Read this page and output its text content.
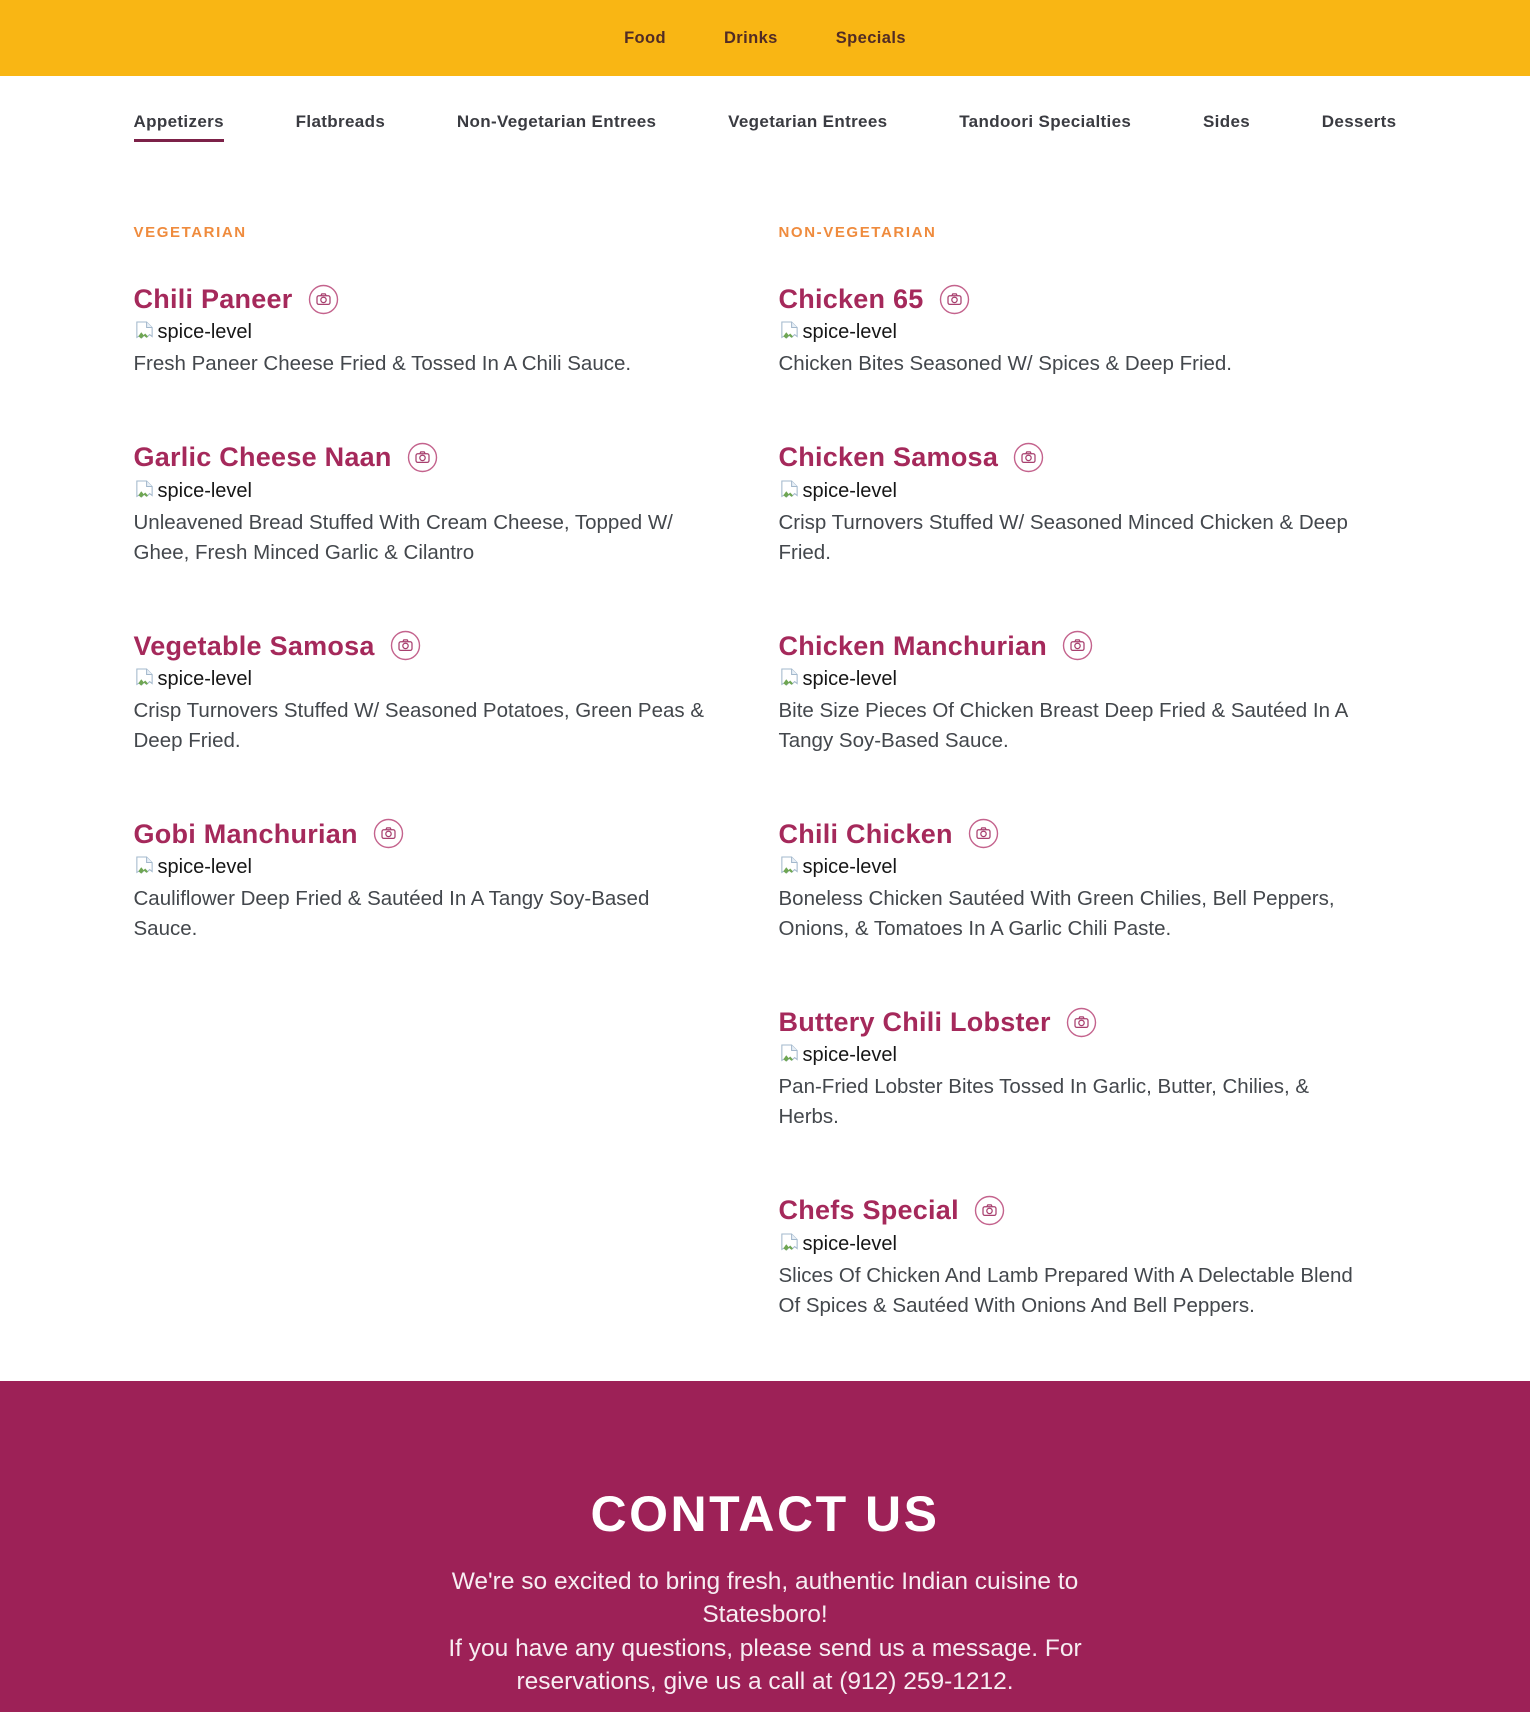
Food	Drinks	Specials
Appetizers	Flatbreads	Non-Vegetarian Entrees	Vegetarian Entrees	Tandoori Specialties	Sides	Desserts
VEGETARIAN
Chili Paneer
spice-level

Fresh Paneer Cheese Fried & Tossed In A Chili Sauce.

Garlic Cheese Naan
spice-level

Unleavened Bread Stuffed With Cream Cheese, Topped W/ Ghee, Fresh Minced Garlic & Cilantro

Vegetable Samosa
spice-level

Crisp Turnovers Stuffed W/ Seasoned Potatoes, Green Peas & Deep Fried.

Gobi Manchurian
spice-level

Cauliflower Deep Fried & Sautéed In A Tangy Soy-Based Sauce.

NON-VEGETARIAN
Chicken 65
spice-level

Chicken Bites Seasoned W/ Spices & Deep Fried.

Chicken Samosa
spice-level

Crisp Turnovers Stuffed W/ Seasoned Minced Chicken & Deep Fried.

Chicken Manchurian
spice-level

Bite Size Pieces Of Chicken Breast Deep Fried & Sautéed In A Tangy Soy-Based Sauce.

Chili Chicken
spice-level

Boneless Chicken Sautéed With Green Chilies, Bell Peppers, Onions, & Tomatoes In A Garlic Chili Paste.

Buttery Chili Lobster
spice-level

Pan-Fried Lobster Bites Tossed In Garlic, Butter, Chilies, & Herbs.

Chefs Special
spice-level

Slices Of Chicken And Lamb Prepared With A Delectable Blend Of Spices & Sautéed With Onions And Bell Peppers.

CONTACT US
We're so excited to bring fresh, authentic Indian cuisine to
Statesboro!
If you have any questions, please send us a message. For
reservations, give us a call at (912) 259-1212.
